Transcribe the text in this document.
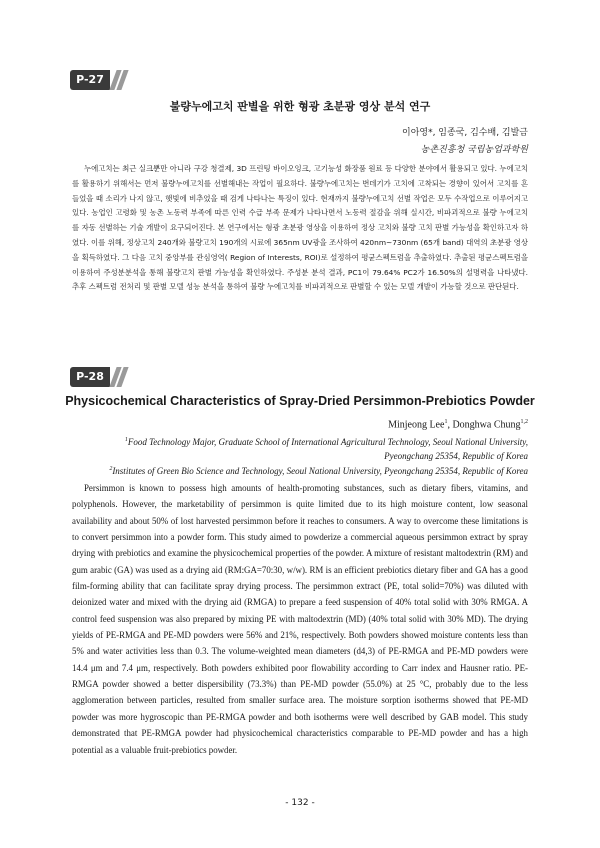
P-27
불량누에고치 판별을 위한 형광 초분광 영상 분석 연구
이아영*, 임종국, 김수배, 김발금
농촌진흥청 국립농업과학원

누에고치는 최근 실크뿐만 아니라 구강 청결제, 3D 프린팅 바이오잉크, 고기능성 화장품 원료 등 다양한 분야에서 활용되고 있다. 누에고치를 활용하기 위해서는 먼저 불량누에고치를 선별해내는 작업이 필요하다. 불량누에고치는 번데기가 고치에 고착되는 경향이 있어서 고치를 흔들었을 때 소리가 나지 않고, 햇빛에 비추었을 때 검게 나타나는 특징이 있다. 현재까지 불량누에고치 선별 작업은 모두 수작업으로 이루어지고 있다. 농업인 고령화 및 농촌 노동력 부족에 따른 인력 수급 부족 문제가 나타나면서 노동력 절감을 위해 실시간, 비파괴적으로 불량 누에고치를 자동 선별하는 기술 개발이 요구되어진다. 본 연구에서는 형광 초분광 영상을 이용하여 정상 고치와 불량 고치 판별 가능성을 확인하고자 하였다. 이를 위해, 정상고치 240개와 불량고치 190개의 시료에 365nm UV광을 조사하여 420nm~730nm (65개 band) 대역의 초분광 영상을 획득하였다. 그 다음 고치 중앙부를 관심영역( Region of Interests, ROI)로 설정하여 평균스펙트럼을 추출하였다. 추출된 평균스펙트럼을 이용하여 주성분분석을 통해 불량고치 판별 가능성을 확인하였다. 주성분 분석 결과, PC1이 79.64% PC2가 16.50%의 설명력을 나타냈다. 추후 스펙트럼 전처리 및 판별 모델 성능 분석을 통하여 불량 누에고치를 비파괴적으로 판별할 수 있는 모델 개발이 가능할 것으로 판단된다.

P-28
Physicochemical Characteristics of Spray-Dried Persimmon-Prebiotics Powder
Minjeong Lee$^1$, Donghwa Chung$^{1,2}$
$^1$Food Technology Major, Graduate School of International Agricultural Technology, Seoul National University,
Pyeongchang 25354, Republic of Korea
$^2$Institutes of Green Bio Science and Technology, Seoul National University, Pyeongchang 25354, Republic of Korea

Persimmon is known to possess high amounts of health-promoting substances, such as dietary fibers, vitamins, and polyphenols. However, the marketability of persimmon is quite limited due to its high moisture content, low seasonal availability and about 50% of lost harvested persimmon before it reaches to consumers. A way to overcome these limitations is to convert persimmon into a powder form. This study aimed to powderize a commercial aqueous persimmon extract by spray drying with prebiotics and examine the physicochemical properties of the powder. A mixture of resistant maltodextrin (RM) and gum arabic (GA) was used as a drying aid (RM:GA=70:30, w/w). RM is an efficient prebiotics dietary fiber and GA has a good film-forming ability that can facilitate spray drying process. The persimmon extract (PE, total solid=70%) was diluted with deionized water and mixed with the drying aid (RMGA) to prepare a feed suspension of 40% total solid with 30% RMGA. A control feed suspension was also prepared by mixing PE with maltodextrin (MD) (40% total solid with 30% MD). The drying yields of PE-RMGA and PE-MD powders were 56% and 21%, respectively. Both powders showed moisture contents less than 5% and water activities less than 0.3. The volume-weighted mean diameters (d4,3) of PE-RMGA and PE-MD powders were 14.4 μm and 7.4 μm, respectively. Both powders exhibited poor flowability according to Carr index and Hausner ratio. PE-RMGA powder showed a better dispersibility (73.3%) than PE-MD powder (55.0%) at 25 °C, probably due to the less agglomeration between particles, resulted from smaller surface area. The moisture sorption isotherms showed that PE-MD powder was more hygroscopic than PE-RMGA powder and both isotherms were well described by GAB model. This study demonstrated that PE-RMGA powder had physicochemical characteristics comparable to PE-MD powder and has a high potential as a valuable fruit-prebiotics powder.

- 132 -
